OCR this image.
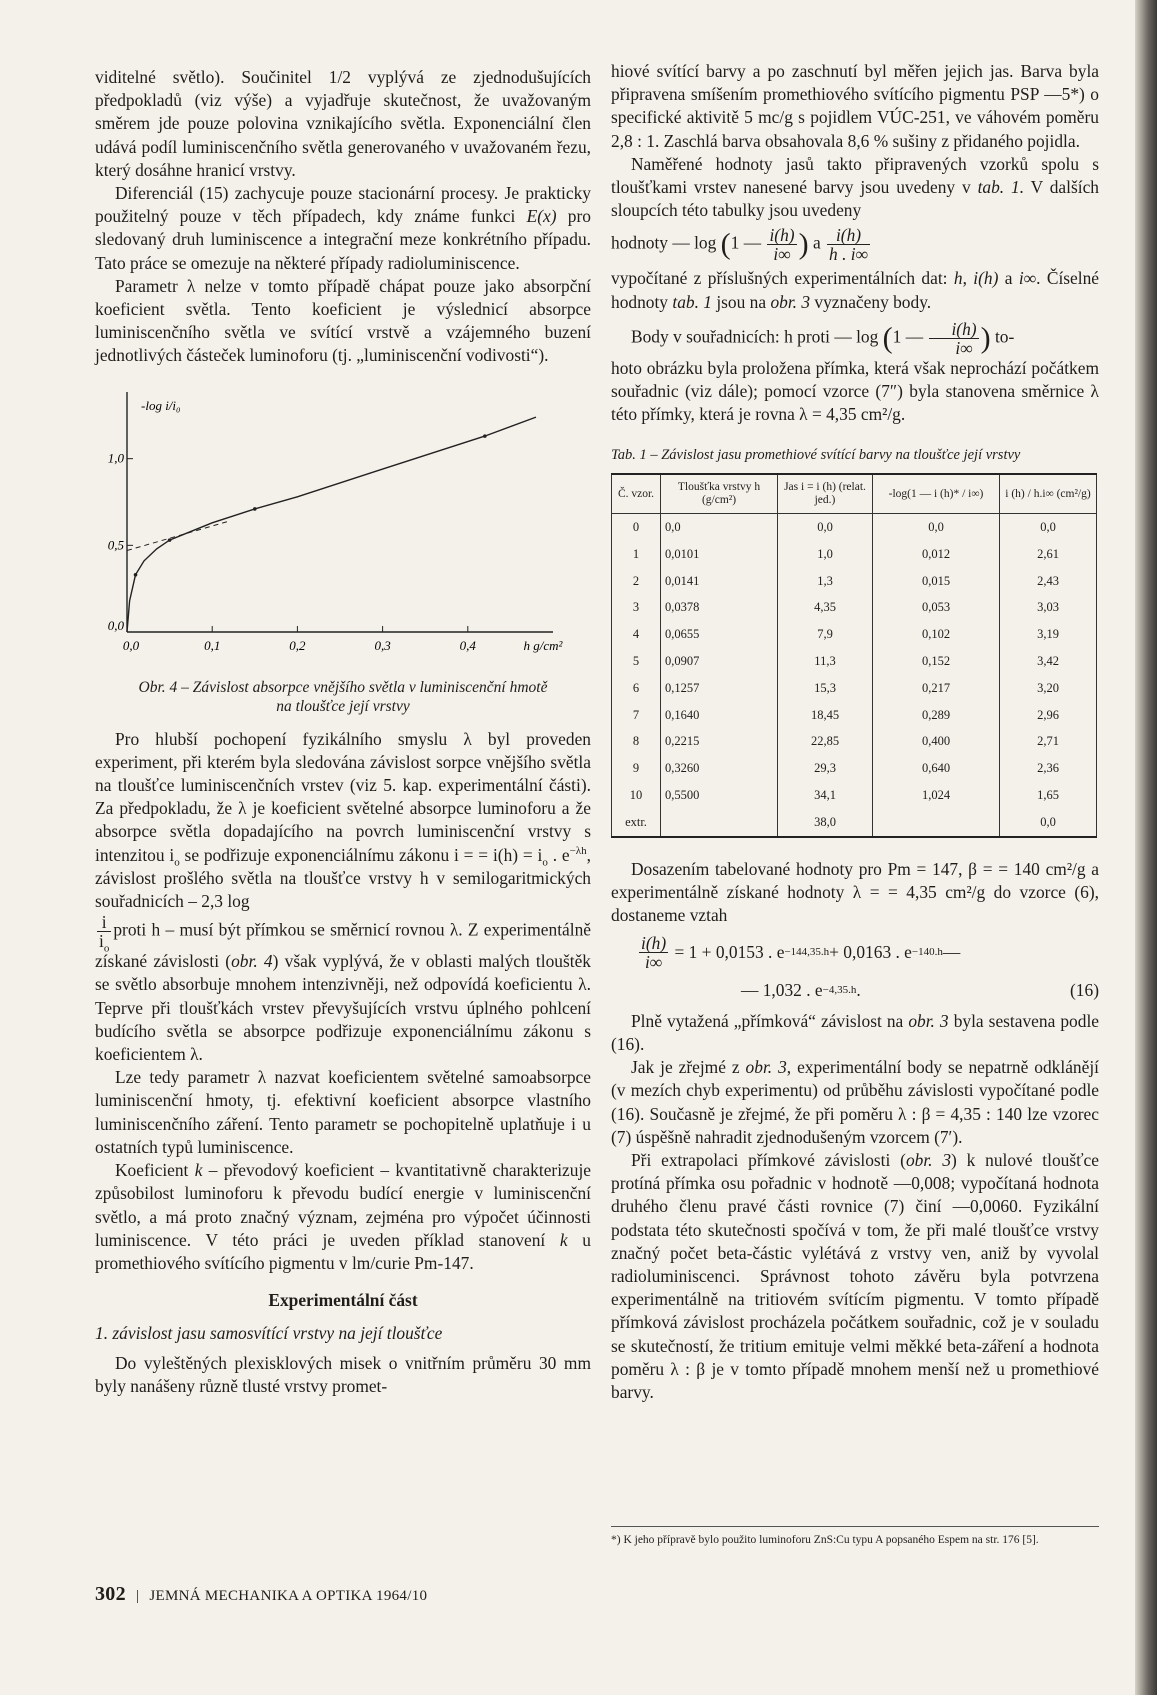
viditelné světlo). Součinitel 1/2 vyplývá ze zjednodušujících předpokladů (viz výše) a vyjadřuje skutečnost, že uvažovaným směrem jde pouze polovina vznikajícího světla. Exponenciální člen udává podíl luminiscenčního světla generovaného v uvažovaném řezu, který dosáhne hranicí vrstvy.

Diferenciál (15) zachycuje pouze stacionární procesy. Je prakticky použitelný pouze v těch případech, kdy známe funkci E(x) pro sledovaný druh luminiscence a integrační meze konkrétního případu. Tato práce se omezuje na některé případy radioluminiscence.

Parametr λ nelze v tomto případě chápat pouze jako absorpční koeficient světla. Tento koeficient je výslednicí absorpce luminiscenčního světla ve svítící vrstvě a vzájemného buzení jednotlivých částeček luminoforu (tj. „luminiscenční vodivosti“).

0,0	0,1	0,2	0,3	0,4
0,0
0,5
1,0
-log i/i₀
h g/cm²
Obr. 4 – Závislost absorpce vnějšího světla v luminiscenční hmotě
na tloušťce její vrstvy

Pro hlubší pochopení fyzikálního smyslu λ byl proveden experiment, při kterém byla sledována závislost sorpce vnějšího světla na tloušťce luminiscenčních vrstev (viz 5. kap. experimentální části). Za předpokladu, že λ je koeficient světelné absorpce luminoforu a že absorpce světla dopadajícího na povrch luminiscenční vrstvy s intenzitou $i_o$ se podřizuje exponenciálnímu zákonu i = = $i(h) = i_o$ . $e^{-\lambda h}$, závislost prošlého světla na tloušťce vrstvy h v semilogaritmických souřadnicích – 2,3 log

$\frac{i}{i_o}$ proti h – musí být přímkou se směrnicí rovnou λ. Z experimentálně získané závislosti (obr. 4) však vyplývá, že v oblasti malých tlouštěk se světlo absorbuje mnohem intenzivněji, než odpovídá koeficientu λ. Teprve při tloušťkách vrstev převyšujících vrstvu úplného pohlcení budícího světla se absorpce podřizuje exponenciálnímu zákonu s koeficientem λ.

Lze tedy parametr λ nazvat koeficientem světelné samoabsorpce luminiscenční hmoty, tj. efektivní koeficient absorpce vlastního luminiscenčního záření. Tento parametr se pochopitelně uplatňuje i u ostatních typů luminiscence.

Koeficient k – převodový koeficient – kvantitativně charakterizuje způsobilost luminoforu k převodu budící energie v luminiscenční světlo, a má proto značný význam, zejména pro výpočet účinnosti luminiscence. V této práci je uveden příklad stanovení k u promethiového svítícího pigmentu v lm/curie Pm-147.

Experimentální část

1. závislost jasu samosvítící vrstvy na její tloušťce

Do vyleštěných plexisklových misek o vnitřním průměru 30 mm byly nanášeny různě tlusté vrstvy promet-

hiové svítící barvy a po zaschnutí byl měřen jejich jas. Barva byla připravena smíšením promethiového svítícího pigmentu PSP —5*) o specifické aktivitě 5 mc/g s pojidlem VÚC-251, ve váhovém poměru 2,8 : 1. Zaschlá barva obsahovala 8,6 % sušiny z přidaného pojidla.

Naměřené hodnoty jasů takto připravených vzorků spolu s tloušťkami vrstev nanesené barvy jsou uvedeny v tab. 1. V dalších sloupcích této tabulky jsou uvedeny

hodnoty — log (1 — $\frac{i(h)}{i\infty}$ ) a $\frac{i(h)}{h . i\infty}$

vypočítané z příslušných experimentálních dat: h, i(h) a i∞. Číselné hodnoty tab. 1 jsou na obr. 3 vyznačeny body.

Body v souřadnicích: h proti — log (1 — $\frac{i(h)}{i\infty}$ ) to-

hoto obrázku byla proložena přímka, která však neprochází počátkem souřadnic (viz dále); pomocí vzorce (7″) byla stanovena směrnice λ této přímky, která je rovna λ = 4,35 cm²/g.

Tab. 1 – Závislost jasu promethiové svítící barvy na tloušťce její vrstvy

Č. vzor.	Tloušťka vrstvy h (g/cm²)	Jas i = i (h) (relat. jed.)	-log(1 — i (h)* / i∞)	i (h) / h.i∞ (cm²/g)
0	0,0	0,0	0,0	0,0
1	0,0101	1,0	0,012	2,61
2	0,0141	1,3	0,015	2,43
3	0,0378	4,35	0,053	3,03
4	0,0655	7,9	0,102	3,19
5	0,0907	11,3	0,152	3,42
6	0,1257	15,3	0,217	3,20
7	0,1640	18,45	0,289	2,96
8	0,2215	22,85	0,400	2,71
9	0,3260	29,3	0,640	2,36
10	0,5500	34,1	1,024	1,65
extr.		38,0		0,0

Dosazením tabelované hodnoty pro Pm = 147, β = = 140 cm²/g a experimentálně získané hodnoty λ = = 4,35 cm²/g do vzorce (6), dostaneme vztah

$\frac{i(h)}{i\infty}$
= 1 + 0,0153 . e −144,35.h + 0,0163 . e −140.h —
— 1,032 . e −4,35.h .	(16)

Plně vytažená „přímková“ závislost na obr. 3 byla sestavena podle (16).

Jak je zřejmé z obr. 3, experimentální body se nepatrně odklánějí (v mezích chyb experimentu) od průběhu závislosti vypočítané podle (16). Současně je zřejmé, že při poměru λ : β = 4,35 : 140 lze vzorec (7) úspěšně nahradit zjednodušeným vzorcem (7′).

Při extrapolaci přímkové závislosti (obr. 3) k nulové tloušťce protíná přímka osu pořadnic v hodnotě —0,008; vypočítaná hodnota druhého členu pravé části rovnice (7) činí —0,0060. Fyzikální podstata této skutečnosti spočívá v tom, že při malé tloušťce vrstvy značný počet beta-částic vylétává z vrstvy ven, aniž by vyvolal radioluminiscenci. Správnost tohoto závěru byla potvrzena experimentálně na tritiovém svítícím pigmentu. V tomto případě přímková závislost procházela počátkem souřadnic, což je v souladu se skutečností, že tritium emituje velmi měkké beta-záření a hodnota poměru λ : β je v tomto případě mnohem menší než u promethiové barvy.

*) K jeho přípravě bylo použito luminoforu ZnS:Cu typu A popsaného Espem na str. 176 [5].
302 | JEMNÁ MECHANIKA A OPTIKA 1964/10
